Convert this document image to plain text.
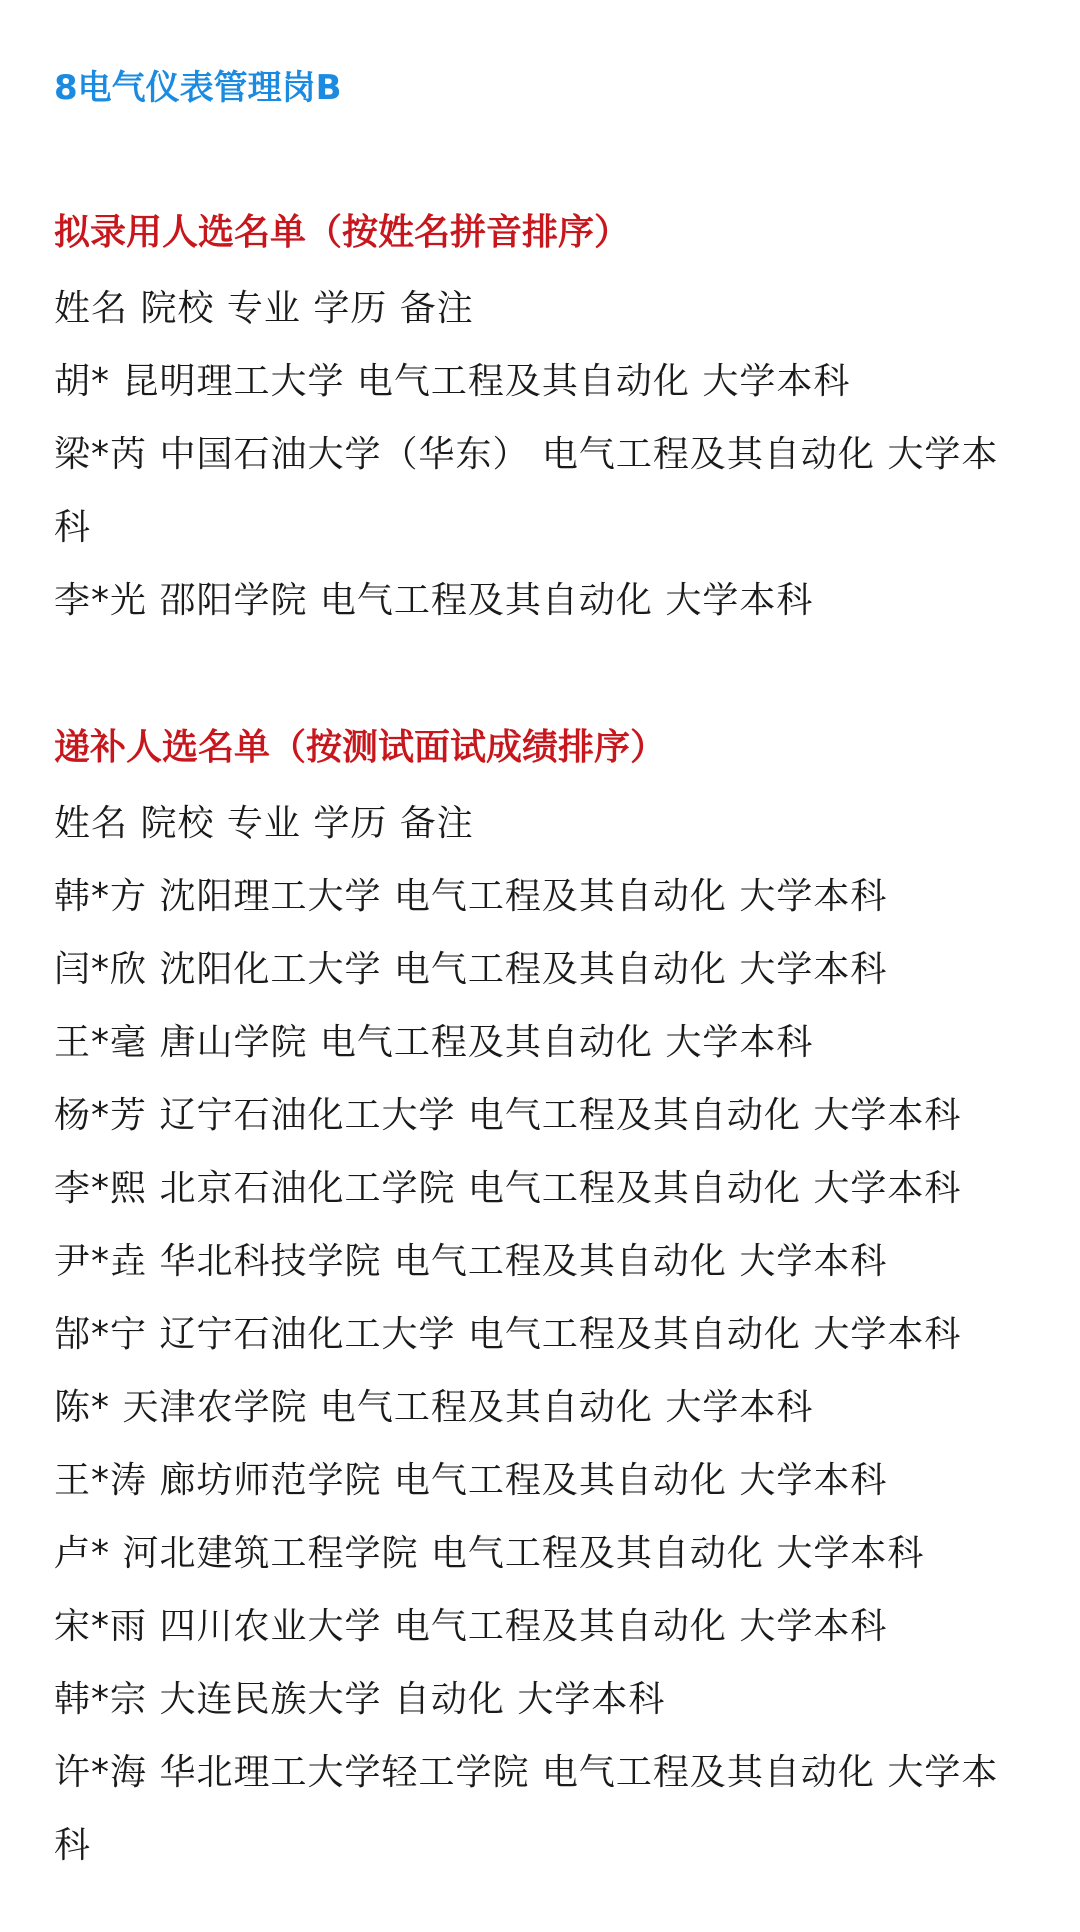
8电气仪表管理岗B
拟录用人选名单（按姓名拼音排序）
姓名 院校 专业 学历 备注
胡* 昆明理工大学 电气工程及其自动化 大学本科
梁*芮 中国石油大学（华东） 电气工程及其自动化 大学本科
李*光 邵阳学院 电气工程及其自动化 大学本科
递补人选名单（按测试面试成绩排序）
姓名 院校 专业 学历 备注
韩*方 沈阳理工大学 电气工程及其自动化 大学本科
闫*欣 沈阳化工大学 电气工程及其自动化 大学本科
王*毫 唐山学院 电气工程及其自动化 大学本科
杨*芳 辽宁石油化工大学 电气工程及其自动化 大学本科
李*熙 北京石油化工学院 电气工程及其自动化 大学本科
尹*垚 华北科技学院 电气工程及其自动化 大学本科
郜*宁 辽宁石油化工大学 电气工程及其自动化 大学本科
陈* 天津农学院 电气工程及其自动化 大学本科
王*涛 廊坊师范学院 电气工程及其自动化 大学本科
卢* 河北建筑工程学院 电气工程及其自动化 大学本科
宋*雨 四川农业大学 电气工程及其自动化 大学本科
韩*宗 大连民族大学 自动化 大学本科
许*海 华北理工大学轻工学院 电气工程及其自动化 大学本科
